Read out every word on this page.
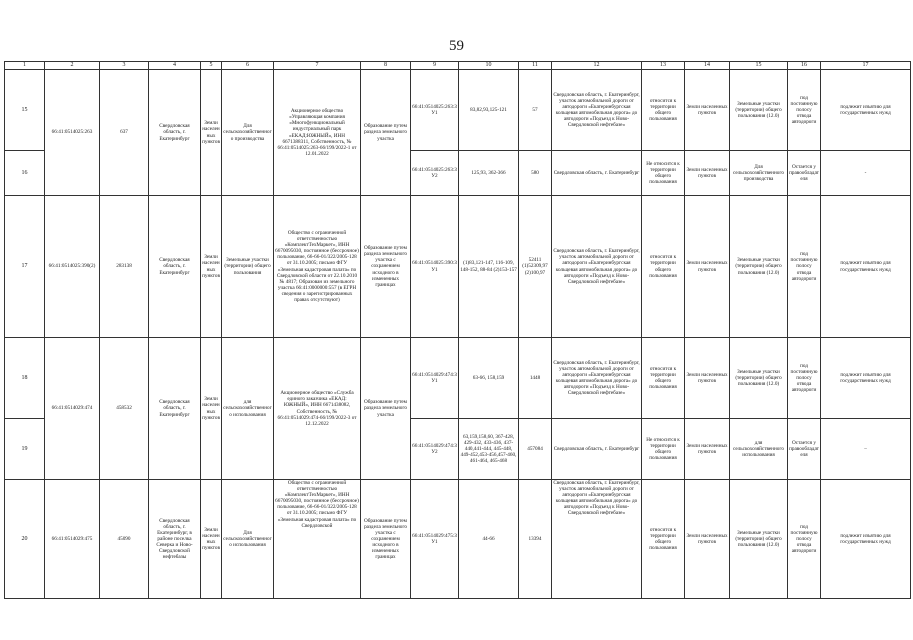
59
1	2	3	4	5	6	7	8	9	10	11	12	13	14	15	16	17
15	66:41:0514025:263	637	Свердловская область, г. Екатеринбург	Земли населенных пунктов	Для сельскохозяйственного производства	Акционерное общество «Управляющая компания «Многофункциональный индустриальный парк «ЕКАД:ЮЖНЫЙ», ИНН 6671388311, Собственность, № 66:41:0514025:263-66/199/2022-1 от 12.01.2022	Образование путем раздела земельного участка	66:41:0514025:263:ЗУ1	83,82,93,125-121	57	Свердловская область, г. Екатеринбург, участок автомобильной дороги от автодороги «Екатеринбургская кольцевая автомобильная дорога» до автодороги «Подъезд к Ново-Свердловской нефтебазе»	относится к территории общего пользования	Земли населенных пунктов	Земельные участки (территории) общего пользования (12.0)	под постоянную полосу отвода автодороги	подлежит изъятию для государственных нужд
16								66:41:0514025:263:ЗУ2	125,93, 362-366	580	Свердловская область, г. Екатеринбург	Не относится к территории общего пользования	Земли населенных пунктов	Для сельскохозяйственного производства	Остается у правообладателя	-
17	66:41:0514025:390(2)	283138	Свердловская область, г. Екатеринбург	Земли населенных пунктов	Земельные участки (территории) общего пользования	Общество с ограниченной ответственностью «КомплектТехМаркет», ИНН 6670095030, постоянное (бессрочное) пользование, 66-66-01/322/2005-128 от 31.10.2005; письмо ФГУ «Земельная кадастровая палата» по Свердловской области от 22.10.2010 № 4817; Образован из земельного участка 66:41:0000000:557 (в ЕГРН сведения о зарегистрированных правах отсутствуют)	Образование путем раздела земельного участка с сохранением исходного в измененных границах	66:41:0514025:390:ЗУ1	(1)83,121-147, 116-109, 148-152, 88-84 (2)153-157	52411 (1)52309,97 (2)100,97	Свердловская область, г. Екатеринбург, участок автомобильной дороги от автодороги «Екатеринбургская кольцевая автомобильная дорога» до автодороги «Подъезд к Ново-Свердловской нефтебазе»	относится к территории общего пользования	Земли населенных пунктов	Земельные участки (территории) общего пользования (12.0)	под постоянную полосу отвода автодороги	подлежит изъятию для государственных нужд
18	66:41:0514029:474	458532	Свердловская область, г. Екатеринбург	Земли населенных пунктов	для сельскохозяйственного использования	Акционерное общество «Служба единого заказчика «ЕКАД: ЮЖНЫЙ», ИНН 6671438082, Собственность, № 66:41:0514029:474-66/199/2022-3 от 12.12.2022	Образование путем раздела земельного участка	66:41:0514029:474:ЗУ1	63-66, 158,159	1448	Свердловская область, г. Екатеринбург, участок автомобильной дороги от автодороги «Екатеринбургская кольцевая автомобильная дорога» до автодороги «Подъезд к Ново-Свердловской нефтебазе»	относится к территории общего пользования	Земли населенных пунктов	Земельные участки (территории) общего пользования (12.0)	под постоянную полосу отвода автодороги	подлежит изъятию для государственных нужд
19								66:41:0514029:474:ЗУ2	63,159,158,60, 367-428, 429-432, 433-436, 437-440,441-444, 445-448, 449-452,453-456,457-460, 461-464, 465-468	457084	Свердловская область, г. Екатеринбург	Не относится к территории общего пользования	Земли населенных пунктов	для сельскохозяйственного использования	Остается у правообладателя	–
20	66:41:0514029:475	45090	Свердловская область, г. Екатеринбург, в районе поселка Северка и Ново-Свердловской нефтебазы	Земли населенных пунктов	Для сельскохозяйственного использования	Общество с ограниченной ответственностью «КомплектТехМаркет», ИНН 6670095030, постоянное (бессрочное) пользование, 66-66-01/322/2005-128 от 31.10.2005; письмо ФГУ «Земельная кадастровая палата» по Свердловской	Образование путем раздела земельного участка с сохранением исходного в измененных границах	66:41:0514029:475:ЗУ1	44-66	13394	Свердловская область, г. Екатеринбург, участок автомобильной дороги от автодороги «Екатеринбургская кольцевая автомобильная дорога» до автодороги «Подъезд к Ново-Свердловской нефтебазе»	относится к территории общего пользования	Земли населенных пунктов	Земельные участки (территории) общего пользования (12.0)	под постоянную полосу отвода автодороги	подлежит изъятию для государственных нужд
